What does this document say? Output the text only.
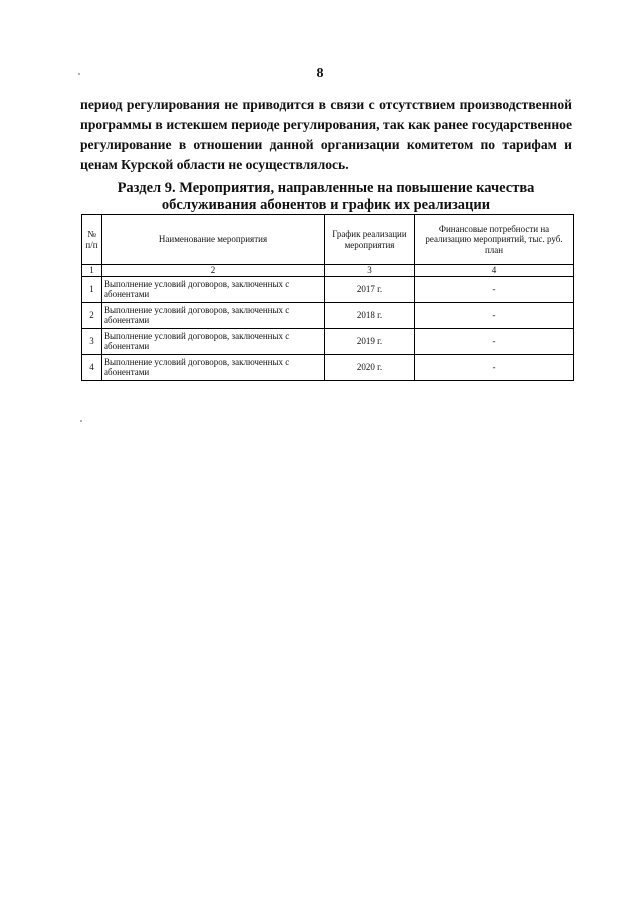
8

период регулирования не приводится в связи с отсутствием производственной программы в истекшем периоде регулирования, так как ранее государственное регулирование в отношении данной организации комитетом по тарифам и ценам Курской области не осуществлялось.

Раздел 9. Мероприятия, направленные на повышение качества
обслуживания абонентов и график их реализации
№ п/п	Наименование мероприятия	График реализации мероприятия	Финансовые потребности на реализацию мероприятий, тыс. руб. план
1	2	3	4
1	Выполнение условий договоров, заключенных с абонентами	2017 г.	-
2	Выполнение условий договоров, заключенных с абонентами	2018 г.	-
3	Выполнение условий договоров, заключенных с абонентами	2019 г.	-
4	Выполнение условий договоров, заключенных с абонентами	2020 г.	-
